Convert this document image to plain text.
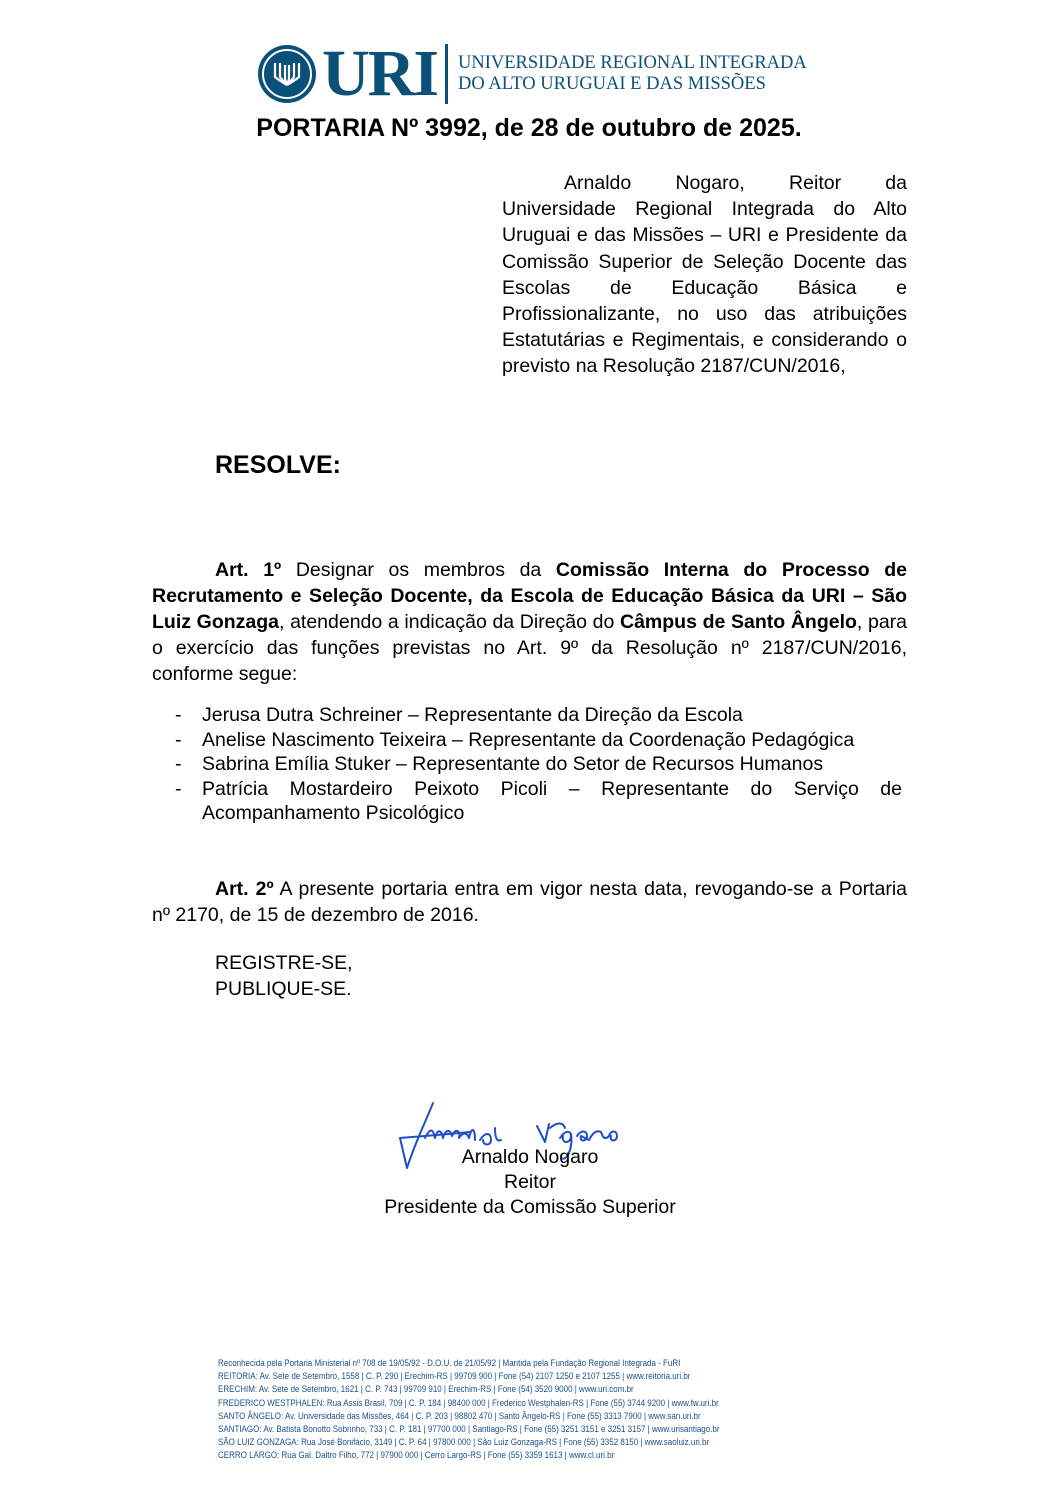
URI UNIVERSIDADE REGIONAL INTEGRADA
DO ALTO URUGUAI E DAS MISSÕES
PORTARIA Nº 3992, de 28 de outubro de 2025.
Arnaldo Nogaro, Reitor da Universidade Regional Integrada do Alto Uruguai e das Missões – URI e Presidente da Comissão Superior de Seleção Docente das Escolas de Educação Básica e Profissionalizante, no uso das atribuições Estatutárias e Regimentais, e considerando o previsto na Resolução 2187/CUN/2016,
RESOLVE:
Art. 1º Designar os membros da Comissão Interna do Processo de Recrutamento e Seleção Docente, da Escola de Educação Básica da URI – São Luiz Gonzaga, atendendo a indicação da Direção do Câmpus de Santo Ângelo, para o exercício das funções previstas no Art. 9º da Resolução nº 2187/CUN/2016, conforme segue:
- Jerusa Dutra Schreiner – Representante da Direção da Escola
- Anelise Nascimento Teixeira – Representante da Coordenação Pedagógica
- Sabrina Emília Stuker – Representante do Setor de Recursos Humanos
- Patrícia Mostardeiro Peixoto Picoli – Representante do Serviço de Acompanhamento Psicológico
Art. 2º A presente portaria entra em vigor nesta data, revogando-se a Portaria nº 2170, de 15 de dezembro de 2016.
REGISTRE-SE,
PUBLIQUE-SE.
Arnaldo Nogaro
Reitor
Presidente da Comissão Superior
Reconhecida pela Portaria Ministerial nº 708 de 19/05/92 - D.O.U. de 21/05/92 | Mantida pela Fundação Regional Integrada - FuRI
REITORIA: Av. Sete de Setembro, 1558 | C. P. 290 | Erechim-RS | 99709 900 | Fone (54) 2107 1250 e 2107 1255 | www.reitoria.uri.br
ERECHIM: Av. Sete de Setembro, 1621 | C. P. 743 | 99709 910 | Erechim-RS | Fone (54) 3520 9000 | www.uri.com.br
FREDERICO WESTPHALEN: Rua Assis Brasil, 709 | C. P. 184 | 98400 000 | Frederico Westphalen-RS | Fone (55) 3744 9200 | www.fw.uri.br
SANTO ÂNGELO: Av. Universidade das Missões, 464 | C. P. 203 | 98802 470 | Santo Ângelo-RS | Fone (55) 3313 7900 | www.san.uri.br
SANTIAGO: Av. Batista Bonotto Sobrinho, 733 | C. P. 181 | 97700 000 | Santiago-RS | Fone (55) 3251 3151 e 3251 3157 | www.urisantiago.br
SÃO LUIZ GONZAGA: Rua José Bonifácio, 3149 | C. P. 64 | 97800 000 | São Luiz Gonzaga-RS | Fone (55) 3352 8150 | www.saoluiz.uri.br
CERRO LARGO: Rua Gal. Daltro Filho, 772 | 97900 000 | Cerro Largo-RS | Fone (55) 3359 1613 | www.cl.uri.br
